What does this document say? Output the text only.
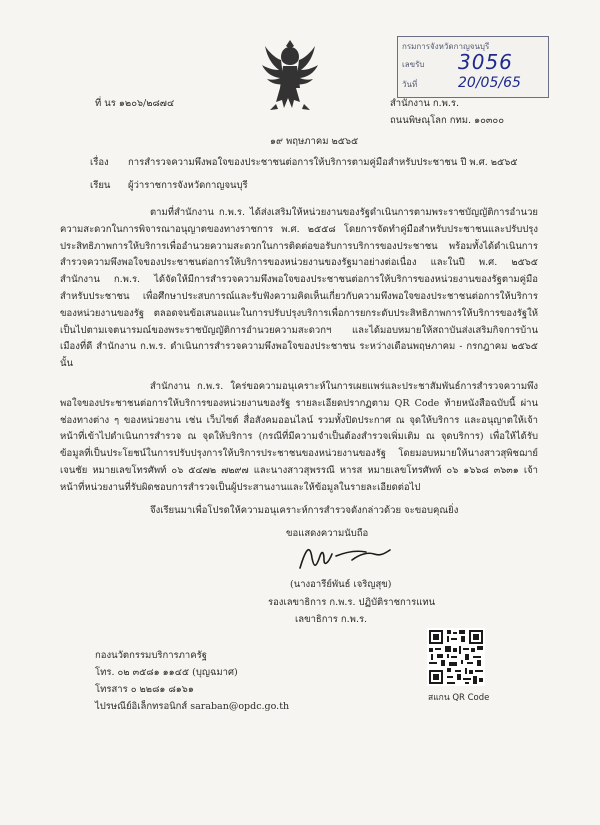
กรมการจังหวัดกาญจนบุรี
เลขรับ 3056
วันที่	20/05/65
ที่ นร ๑๒๐๖/๒๘๗๔	สำนักงาน ก.พ.ร.
ถนนพิษณุโลก กทม. ๑๐๓๐๐
๑๙ พฤษภาคม ๒๕๖๕
เรื่อง การสำรวจความพึงพอใจของประชาชนต่อการให้บริการตามคู่มือสำหรับประชาชน ปี พ.ศ. ๒๕๖๕
เรียน ผู้ว่าราชการจังหวัดกาญจนบุรี

ตามที่สำนักงาน ก.พ.ร. ได้ส่งเสริมให้หน่วยงานของรัฐดำเนินการตามพระราชบัญญัติการอำนวยความสะดวกในการพิจารณาอนุญาตของทางราชการ พ.ศ. ๒๕๕๘ โดยการจัดทำคู่มือสำหรับประชาชนและปรับปรุงประสิทธิภาพการให้บริการเพื่ออำนวยความสะดวกในการติดต่อขอรับการบริการของประชาชน พร้อมทั้งได้ดำเนินการสำรวจความพึงพอใจของประชาชนต่อการให้บริการของหน่วยงานของรัฐมาอย่างต่อเนื่อง และในปี พ.ศ. ๒๕๖๕ สำนักงาน ก.พ.ร. ได้จัดให้มีการสำรวจความพึงพอใจของประชาชนต่อการให้บริการของหน่วยงานของรัฐตามคู่มือสำหรับประชาชน เพื่อศึกษาประสบการณ์และรับฟังความคิดเห็นเกี่ยวกับความพึงพอใจของประชาชนต่อการให้บริการของหน่วยงานของรัฐ ตลอดจนข้อเสนอแนะในการปรับปรุงบริการเพื่อการยกระดับประสิทธิภาพการให้บริการของรัฐให้เป็นไปตามเจตนารมณ์ของพระราชบัญญัติการอำนวยความสะดวกฯ และได้มอบหมายให้สถาบันส่งเสริมกิจการบ้านเมืองที่ดี สำนักงาน ก.พ.ร. ดำเนินการสำรวจความพึงพอใจของประชาชน ระหว่างเดือนพฤษภาคม - กรกฎาคม ๒๕๖๕ นั้น

สำนักงาน ก.พ.ร. ใคร่ขอความอนุเคราะห์ในการเผยแพร่และประชาสัมพันธ์การสำรวจความพึงพอใจของประชาชนต่อการให้บริการของหน่วยงานของรัฐ รายละเอียดปรากฏตาม QR Code ท้ายหนังสือฉบับนี้ ผ่านช่องทางต่าง ๆ ของหน่วยงาน เช่น เว็บไซต์ สื่อสังคมออนไลน์ รวมทั้งปิดประกาศ ณ จุดให้บริการ และอนุญาตให้เจ้าหน้าที่เข้าไปดำเนินการสำรวจ ณ จุดให้บริการ (กรณีที่มีความจำเป็นต้องสำรวจเพิ่มเติม ณ จุดบริการ) เพื่อให้ได้รับข้อมูลที่เป็นประโยชน์ในการปรับปรุงการให้บริการประชาชนของหน่วยงานของรัฐ โดยมอบหมายให้นางสาวสุพิชฌาย์ เจนชัย หมายเลขโทรศัพท์ ๐๖ ๕๔๗๒ ๗๒๙๗ และนางสาวสุพรรณี หารส หมายเลขโทรศัพท์ ๐๖ ๑๖๖๘ ๓๖๓๑ เจ้าหน้าที่หน่วยงานที่รับผิดชอบการสำรวจเป็นผู้ประสานงานและให้ข้อมูลในรายละเอียดต่อไป

จึงเรียนมาเพื่อโปรดให้ความอนุเคราะห์การสำรวจดังกล่าวด้วย จะขอบคุณยิ่ง

ขอแสดงความนับถือ
(นางอารีย์พันธ์ เจริญสุข)
รองเลขาธิการ ก.พ.ร. ปฏิบัติราชการแทน
เลขาธิการ ก.พ.ร.
กองนวัตกรรมบริการภาครัฐ
โทร. ๐๒ ๓๕๘๑ ๑๑๔๕ (บุญฉมาศ)
โทรสาร ๐ ๒๒๘๑ ๘๑๖๑
ไปรษณีย์อิเล็กทรอนิกส์ saraban@opdc.go.th
สแกน QR Code
